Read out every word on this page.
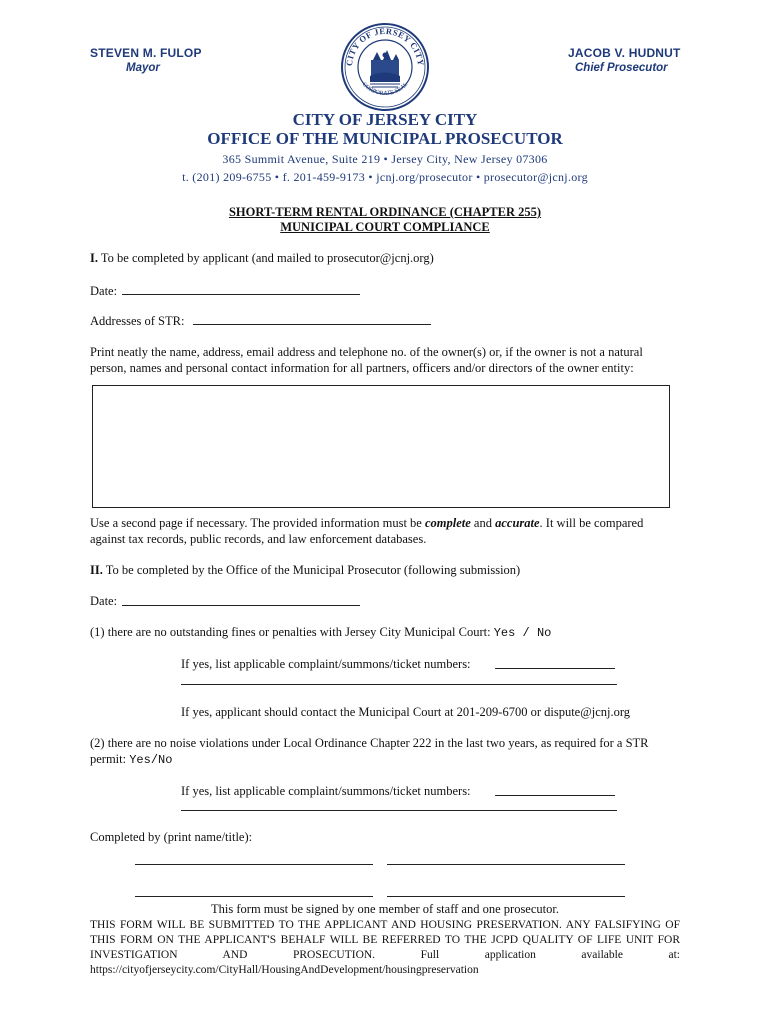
STEVEN M. FULOP
Mayor
JACOB V. HUDNUT
Chief Prosecutor
CITY OF JERSEY CITY
CORPORATE SEAL
CITY OF JERSEY CITY
OFFICE OF THE MUNICIPAL PROSECUTOR
365 Summit Avenue, Suite 219 • Jersey City, New Jersey 07306
t. (201) 209-6755 • f. 201-459-9173 • jcnj.org/prosecutor • prosecutor@jcnj.org
SHORT-TERM RENTAL ORDINANCE (CHAPTER 255)
MUNICIPAL COURT COMPLIANCE
I. To be completed by applicant (and mailed to prosecutor@jcnj.org)
Date:
Addresses of STR:
Print neatly the name, address, email address and telephone no. of the owner(s) or, if the owner is not a natural person, names and personal contact information for all partners, officers and/or directors of the owner entity:
Use a second page if necessary. The provided information must be complete and accurate. It will be compared against tax records, public records, and law enforcement databases.
II. To be completed by the Office of the Municipal Prosecutor (following submission)
Date:
(1) there are no outstanding fines or penalties with Jersey City Municipal Court: Yes / No
If yes, list applicable complaint/summons/ticket numbers:
If yes, applicant should contact the Municipal Court at 201-209-6700 or dispute@jcnj.org
(2) there are no noise violations under Local Ordinance Chapter 222 in the last two years, as required for a STR permit: Yes/No
If yes, list applicable complaint/summons/ticket numbers:
Completed by (print name/title):
This form must be signed by one member of staff and one prosecutor.
THIS FORM WILL BE SUBMITTED TO THE APPLICANT AND HOUSING PRESERVATION. ANY FALSIFYING OF THIS FORM ON THE APPLICANT'S BEHALF WILL BE REFERRED TO THE JCPD QUALITY OF LIFE UNIT FOR INVESTIGATION AND PROSECUTION. Full application available at: https://cityofjerseycity.com/CityHall/HousingAndDevelopment/housingpreservation
